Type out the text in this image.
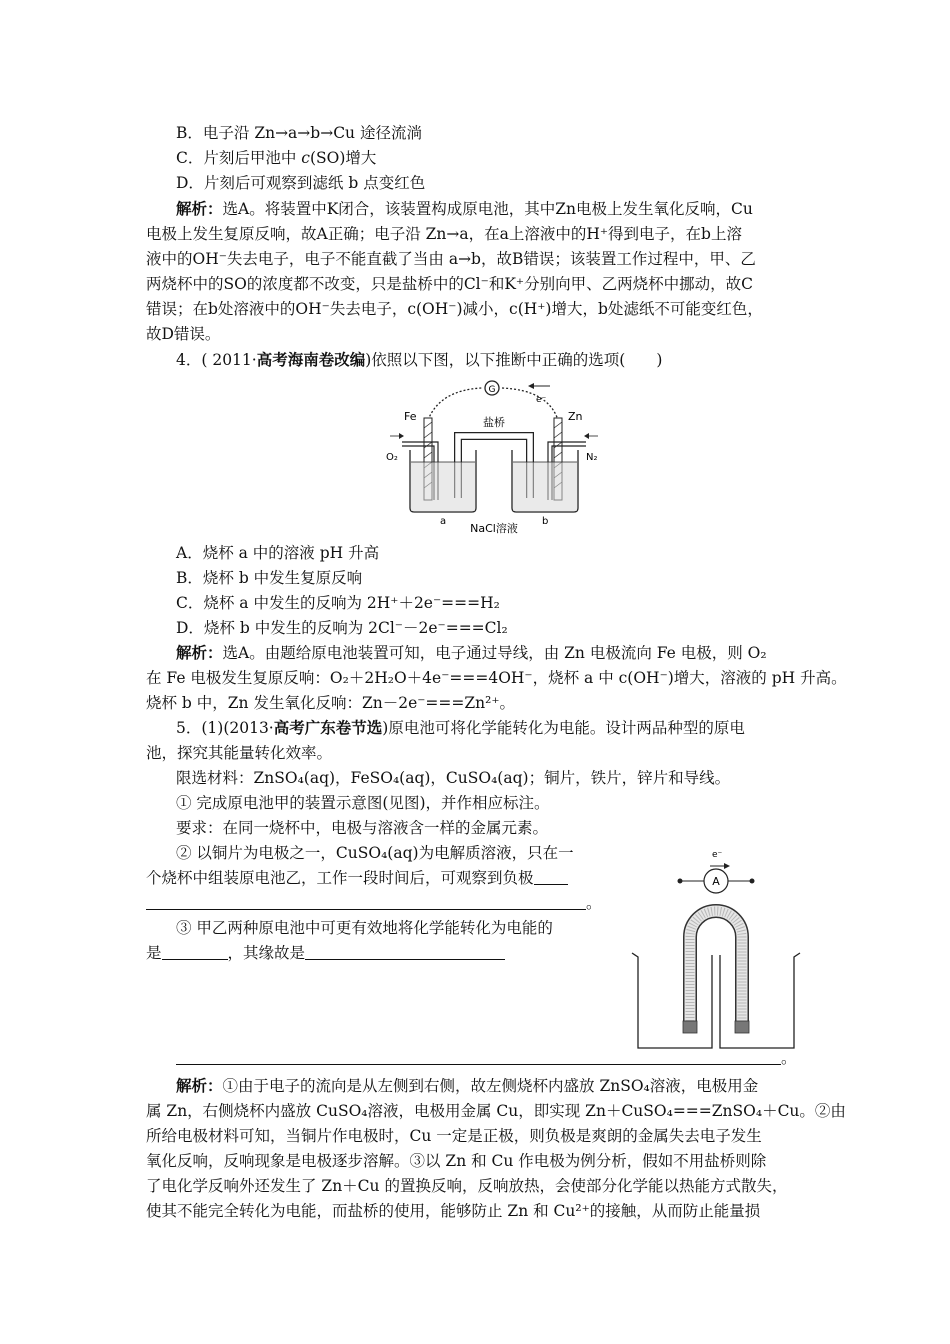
B．电子沿 Zn→a→b→Cu 途径流淌
C．片刻后甲池中 c(SO)增大
D．片刻后可观察到滤纸 b 点变红色
解析：选A。将装置中K闭合，该装置构成原电池，其中Zn电极上发生氧化反响，Cu
电极上发生复原反响，故A正确；电子沿 Zn→a，在a上溶液中的H⁺得到电子，在b上溶
液中的OH⁻失去电子，电子不能直截了当由 a→b，故B错误；该装置工作过程中，甲、乙
两烧杯中的SO的浓度都不改变，只是盐桥中的Cl⁻和K⁺分别向甲、乙两烧杯中挪动，故C
错误；在b处溶液中的OH⁻失去电子，c(OH⁻)减小，c(H⁺)增大，b处滤纸不可能变红色，
故D错误。
4．( 2011·高考海南卷改编)依照以下图，以下推断中正确的选项(　　)
G
e⁻
盐桥
Fe	Zn
O₂	N₂
a	b
NaCl溶液
A．烧杯 a 中的溶液 pH 升高
B．烧杯 b 中发生复原反响
C．烧杯 a 中发生的反响为 2H⁺＋2e⁻===H₂
D．烧杯 b 中发生的反响为 2Cl⁻－2e⁻===Cl₂
解析：选A。由题给原电池装置可知，电子通过导线，由 Zn 电极流向 Fe 电极，则 O₂
在 Fe 电极发生复原反响：O₂＋2H₂O＋4e⁻===4OH⁻，烧杯 a 中 c(OH⁻)增大，溶液的 pH 升高。
烧杯 b 中，Zn 发生氧化反响：Zn－2e⁻===Zn²⁺。
5．(1)(2013·高考广东卷节选)原电池可将化学能转化为电能。设计两品种型的原电
池，探究其能量转化效率。
限选材料：ZnSO₄(aq)，FeSO₄(aq)，CuSO₄(aq)；铜片，铁片，锌片和导线。
① 完成原电池甲的装置示意图(见图)，并作相应标注。
要求：在同一烧杯中，电极与溶液含一样的金属元素。
② 以铜片为电极之一，CuSO₄(aq)为电解质溶液，只在一
个烧杯中组装原电池乙，工作一段时间后，可观察到负极
。
③ 甲乙两种原电池中可更有效地将化学能转化为电能的
是	，其缘故是
e⁻
A
。
解析：①由于电子的流向是从左侧到右侧，故左侧烧杯内盛放 ZnSO₄溶液，电极用金
属 Zn，右侧烧杯内盛放 CuSO₄溶液，电极用金属 Cu，即实现 Zn＋CuSO₄===ZnSO₄＋Cu。②由
所给电极材料可知，当铜片作电极时，Cu 一定是正极，则负极是爽朗的金属失去电子发生
氧化反响，反响现象是电极逐步溶解。③以 Zn 和 Cu 作电极为例分析，假如不用盐桥则除
了电化学反响外还发生了 Zn＋Cu 的置换反响，反响放热，会使部分化学能以热能方式散失，
使其不能完全转化为电能，而盐桥的使用，能够防止 Zn 和 Cu²⁺的接触，从而防止能量损
